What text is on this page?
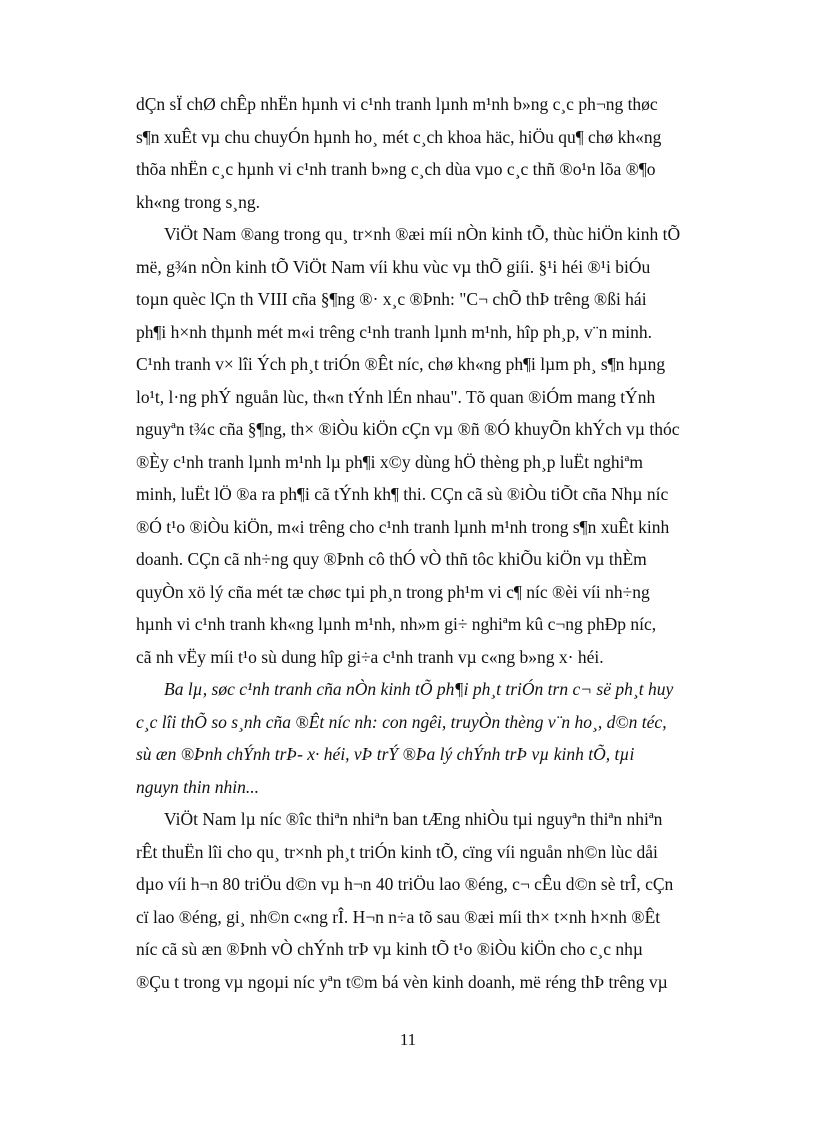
dÇn sÏ chØ chÊp nhËn hµnh vi c¹nh tranh lµnh m¹nh b»ng c¸c ph¬ng thøc
s¶n xuÊt vµ chu chuyÓn hµnh ho¸ mét c¸ch khoa häc, hiÖu qu¶ chø kh«ng
thõa nhËn c¸c hµnh vi c¹nh tranh b»ng c¸ch dùa vµo c¸c thñ ®o¹n lõa ®¶o
kh«ng trong s¸ng.
ViÖt Nam ®ang trong qu¸ tr×nh ®æi míi nÒn kinh tÕ, thùc hiÖn kinh tÕ
më, g¾n nÒn kinh tÕ ViÖt Nam víi khu vùc vµ thÕ giíi. §¹i héi ®¹i biÓu
toµn quèc lÇn th VIII cña §¶ng ®· x¸c ®Þnh: "C¬ chÕ thÞ trêng ®ßi hái
ph¶i h×nh thµnh mét m«i trêng c¹nh tranh lµnh m¹nh, hîp ph¸p, v¨n minh.
C¹nh tranh v× lîi Ých ph¸t triÓn ®Êt níc, chø kh«ng ph¶i lµm ph¸ s¶n hµng
lo¹t, l·ng phÝ nguån lùc, th«n tÝnh lÉn nhau". Tõ quan ®iÓm mang tÝnh
nguyªn t¾c cña §¶ng, th× ®iÒu kiÖn cÇn vµ ®ñ ®Ó khuyÕn khÝch vµ thóc
®Èy c¹nh tranh lµnh m¹nh lµ ph¶i x©y dùng hÖ thèng ph¸p luËt nghiªm
minh, luËt lÖ ®a ra ph¶i cã tÝnh kh¶ thi. CÇn cã sù ®iÒu tiÕt cña Nhµ níc
®Ó t¹o ®iÒu kiÖn, m«i trêng cho c¹nh tranh lµnh m¹nh trong s¶n xuÊt kinh
doanh. CÇn cã nh÷ng quy ®Þnh cô thÓ vÒ thñ tôc khiÕu kiÖn vµ thÈm
quyÒn xö lý cña mét tæ chøc tµi ph¸n trong ph¹m vi c¶ níc ®èi víi nh÷ng
hµnh vi c¹nh tranh kh«ng lµnh m¹nh, nh»m gi÷ nghiªm kû c¬ng phÐp níc,
cã nh vËy míi t¹o sù dung hîp gi÷a c¹nh tranh vµ c«ng b»ng x· héi.
Ba lµ, søc c¹nh tranh cña nÒn kinh tÕ ph¶i ph¸t triÓn trn c¬ së ph¸t huy
c¸c lîi thÕ so s¸nh cña ®Êt níc nh: con ngêi, truyÒn thèng v¨n ho¸, d©n téc,
sù æn ®Þnh chÝnh trÞ- x· héi, vÞ trÝ ®Þa lý chÝnh trÞ vµ kinh tÕ, tµi
nguyn thin nhin...
ViÖt Nam lµ níc ®îc thiªn nhiªn ban tÆng nhiÒu tµi nguyªn thiªn nhiªn
rÊt thuËn lîi cho qu¸ tr×nh ph¸t triÓn kinh tÕ, cïng víi nguån nh©n lùc dåi
dµo víi h¬n 80 triÖu d©n vµ h¬n 40 triÖu lao ®éng, c¬ cÊu d©n sè trÎ, cÇn
cï lao ®éng, gi¸ nh©n c«ng rÎ. H¬n n÷a tõ sau ®æi míi th× t×nh h×nh ®Êt
níc cã sù æn ®Þnh vÒ chÝnh trÞ vµ kinh tÕ t¹o ®iÒu kiÖn cho c¸c nhµ
®Çu t trong vµ ngoµi níc yªn t©m bá vèn kinh doanh, më réng thÞ trêng vµ
11
